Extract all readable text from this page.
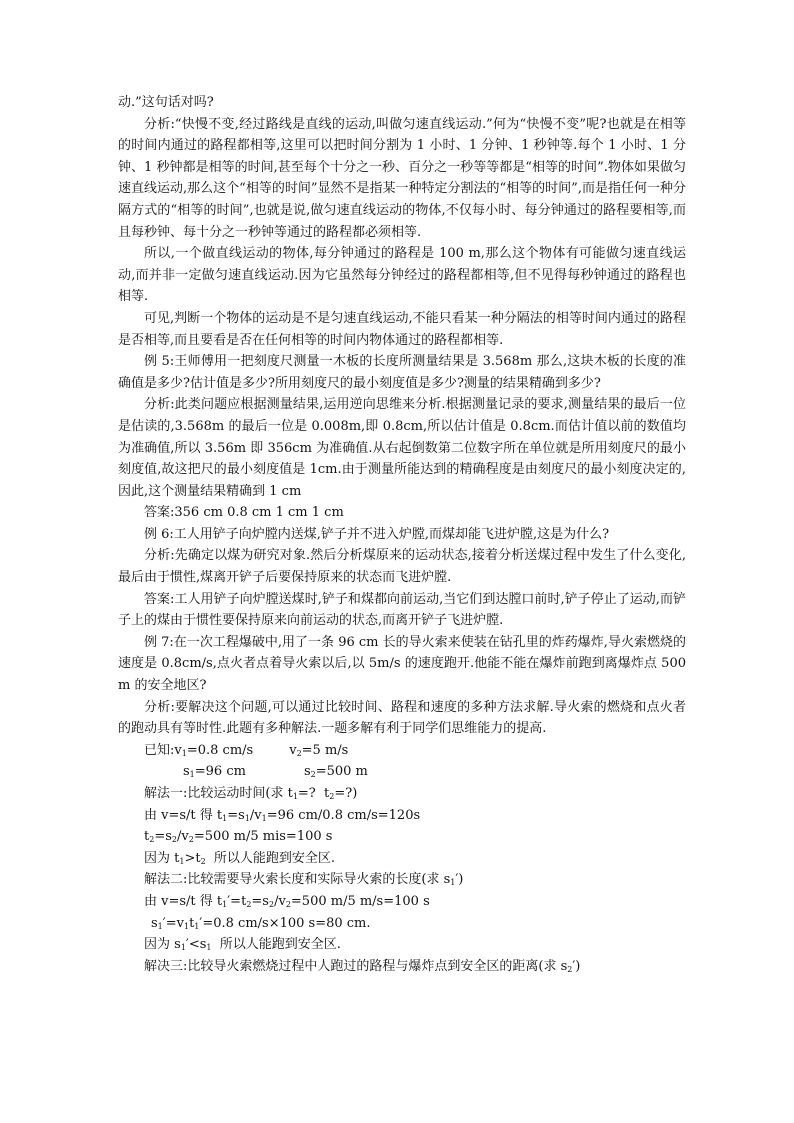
动.”这句话对吗?

分析:“快慢不变,经过路线是直线的运动,叫做匀速直线运动.”何为“快慢不变”呢?也就是在相等的时间内通过的路程都相等,这里可以把时间分割为 1 小时、1 分钟、1 秒钟等.每个 1 小时、1 分钟、1 秒钟都是相等的时间,甚至每个十分之一秒、百分之一秒等等都是“相等的时间”.物体如果做匀速直线运动,那么这个“相等的时间”显然不是指某一种特定分割法的“相等的时间”,而是指任何一种分隔方式的“相等的时间”,也就是说,做匀速直线运动的物体,不仅每小时、每分钟通过的路程要相等,而且每秒钟、每十分之一秒钟等通过的路程都必须相等.

所以,一个做直线运动的物体,每分钟通过的路程是 100 m,那么这个物体有可能做匀速直线运动,而并非一定做匀速直线运动.因为它虽然每分钟经过的路程都相等,但不见得每秒钟通过的路程也相等.

可见,判断一个物体的运动是不是匀速直线运动,不能只看某一种分隔法的相等时间内通过的路程是否相等,而且要看是否在任何相等的时间内物体通过的路程都相等.

例 5:王师傅用一把刻度尺测量一木板的长度所测量结果是 3.568m 那么,这块木板的长度的准确值是多少?估计值是多少?所用刻度尺的最小刻度值是多少?测量的结果精确到多少?

分析:此类问题应根据测量结果,运用逆向思维来分析.根据测量记录的要求,测量结果的最后一位是估读的,3.568m 的最后一位是 0.008m,即 0.8cm,所以估计值是 0.8cm.而估计值以前的数值均为准确值,所以 3.56m 即 356cm 为准确值.从右起倒数第二位数字所在单位就是所用刻度尺的最小刻度值,故这把尺的最小刻度值是 1cm.由于测量所能达到的精确程度是由刻度尺的最小刻度决定的,因此,这个测量结果精确到 1 cm

答案:356 cm 0.8 cm 1 cm 1 cm

例 6:工人用铲子向炉膛内送煤,铲子并不进入炉膛,而煤却能飞进炉膛,这是为什么?

分析:先确定以煤为研究对象.然后分析煤原来的运动状态,接着分析送煤过程中发生了什么变化,最后由于惯性,煤离开铲子后要保持原来的状态而飞进炉膛.

答案:工人用铲子向炉膛送煤时,铲子和煤都向前运动,当它们到达膛口前时,铲子停止了运动,而铲子上的煤由于惯性要保持原来向前运动的状态,而离开铲子飞进炉膛.

例 7:在一次工程爆破中,用了一条 96 cm 长的导火索来使装在钻孔里的炸药爆炸,导火索燃烧的速度是 0.8cm/s,点火者点着导火索以后,以 5m/s 的速度跑开.他能不能在爆炸前跑到离爆炸点 500 m 的安全地区?

分析:要解决这个问题,可以通过比较时间、路程和速度的多种方法求解.导火索的燃烧和点火者的跑动具有等时性.此题有多种解法.一题多解有利于同学们思维能力的提高.

已知$:v_1=0.8$ cm/s	$v_2=5$ m/s
$s_1=96$ cm	$s_2=500$ m
解法一:比较运动时间(求 $t_1=$?  $t_2=$?)
由 v=s/t 得 $t_1=s_1/v_1=96$ cm/0.8 cm/s=120s
$t_2=s_2/v_2=500$ m/5 mis=100 s
因为 $t_1>t_2$  所以人能跑到安全区.
解法二:比较需要导火索长度和实际导火索的长度(求 $s_1'$)
由 v=s/t 得 $t_1'=t_2=s_2/v_2=500$ m/5 m/s=100 s
$s_1'=v_1t_1'=0.8$ cm/s×100 s=80 cm.
因为 $s_1'<s_1$  所以人能跑到安全区.
解决三:比较导火索燃烧过程中人跑过的路程与爆炸点到安全区的距离(求 $s_2'$)
